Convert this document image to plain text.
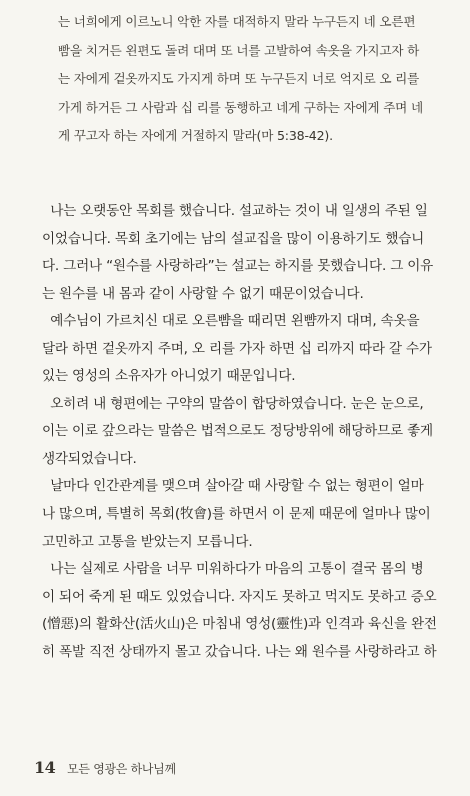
는 너희에게 이르노니 악한 자를 대적하지 말라 누구든지 네 오른편
빰을 치거든 왼편도 돌려 대며 또 너를 고발하여 속옷을 가지고자 하
는 자에게 겉옷까지도 가지게 하며 또 누구든지 너로 억지로 오 리를
가게 하거든 그 사람과 십 리를 동행하고 네게 구하는 자에게 주며 네
게 꾸고자 하는 자에게 거절하지 말라(마 5:38-42).
나는 오랫동안 목회를 했습니다. 설교하는 것이 내 일생의 주된 일
이었습니다. 목회 초기에는 남의 설교집을 많이 이용하기도 했습니
다. 그러나 “원수를 사랑하라”는 설교는 하지를 못했습니다. 그 이유
는 원수를 내 몸과 같이 사랑할 수 없기 때문이었습니다.
예수님이 가르치신 대로 오른뺨을 때리면 왼뺨까지 대며, 속옷을
달라 하면 겉옷까지 주며, 오 리를 가자 하면 십 리까지 따라 갈 수가
있는 영성의 소유자가 아니었기 때문입니다.
오히려 내 형편에는 구약의 말씀이 합당하였습니다. 눈은 눈으로,
이는 이로 갚으라는 말씀은 법적으로도 정당방위에 해당하므로 좋게
생각되었습니다.
날마다 인간관계를 맺으며 살아갈 때 사랑할 수 없는 형편이 얼마
나 많으며, 특별히 목회(牧會)를 하면서 이 문제 때문에 얼마나 많이
고민하고 고통을 받았는지 모릅니다.
나는 실제로 사람을 너무 미워하다가 마음의 고통이 결국 몸의 병
이 되어 죽게 된 때도 있었습니다. 자지도 못하고 먹지도 못하고 증오
(憎惡)의 활화산(活火山)은 마침내 영성(靈性)과 인격과 육신을 완전
히 폭발 직전 상태까지 몰고 갔습니다. 나는 왜 원수를 사랑하라고 하
14 모든 영광은 하나님께
